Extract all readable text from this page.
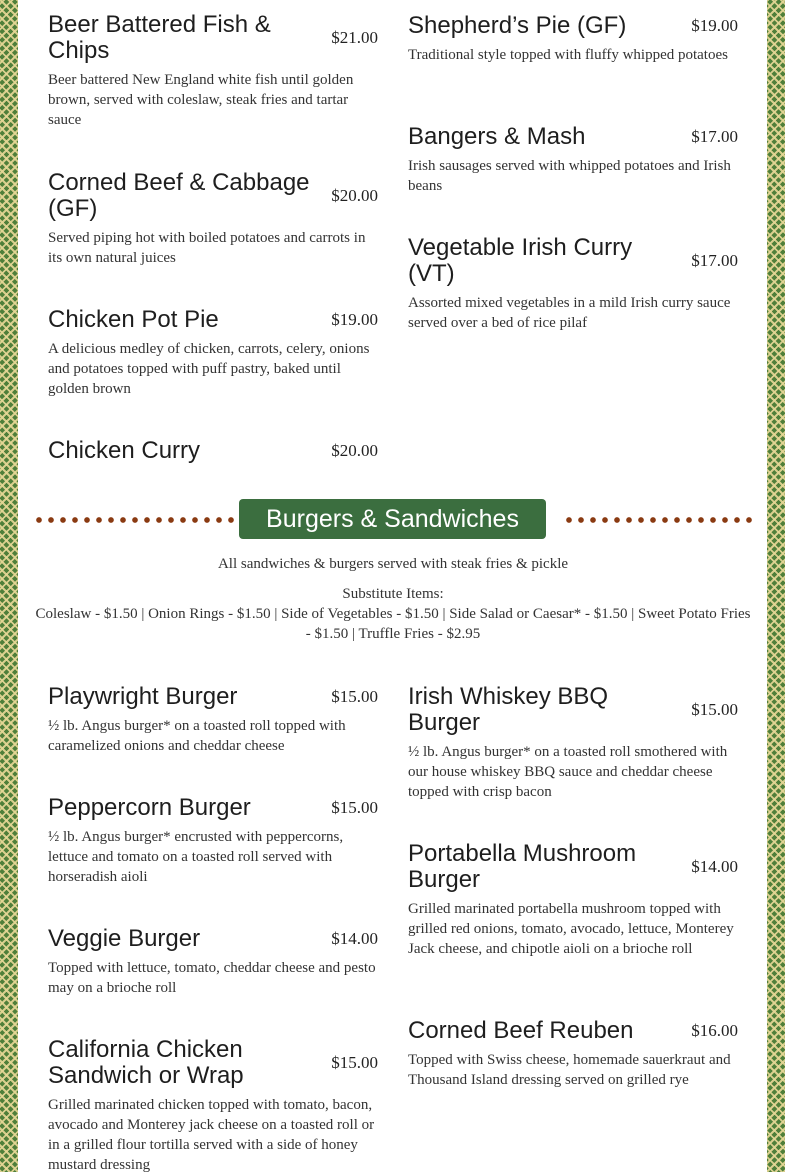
Beer Battered Fish & Chips	$21.00
Beer battered New England white fish until golden brown, served with coleslaw, steak fries and tartar sauce
Corned Beef & Cabbage (GF)	$20.00
Served piping hot with boiled potatoes and carrots in its own natural juices
Chicken Pot Pie	$19.00
A delicious medley of chicken, carrots, celery, onions and potatoes topped with puff pastry, baked until golden brown
Chicken Curry	$20.00
Shepherd’s Pie (GF)	$19.00
Traditional style topped with fluffy whipped potatoes
Bangers & Mash	$17.00
Irish sausages served with whipped potatoes and Irish beans
Vegetable Irish Curry (VT)	$17.00
Assorted mixed vegetables in a mild Irish curry sauce served over a bed of rice pilaf
Burgers & Sandwiches
All sandwiches & burgers served with steak fries & pickle
Substitute Items:
Coleslaw - $1.50 | Onion Rings - $1.50 | Side of Vegetables - $1.50 | Side Salad or Caesar* - $1.50 | Sweet Potato Fries - $1.50 | Truffle Fries - $2.95
Playwright Burger	$15.00
½ lb. Angus burger* on a toasted roll topped with caramelized onions and cheddar cheese
Peppercorn Burger	$15.00
½ lb. Angus burger* encrusted with peppercorns, lettuce and tomato on a toasted roll served with horseradish aioli
Veggie Burger	$14.00
Topped with lettuce, tomato, cheddar cheese and pesto may on a brioche roll
California Chicken Sandwich or Wrap	$15.00
Grilled marinated chicken topped with tomato, bacon, avocado and Monterey jack cheese on a toasted roll or in a grilled flour tortilla served with a side of honey mustard dressing
Irish Whiskey BBQ Burger	$15.00
½ lb. Angus burger* on a toasted roll smothered with our house whiskey BBQ sauce and cheddar cheese topped with crisp bacon
Portabella Mushroom Burger	$14.00
Grilled marinated portabella mushroom topped with grilled red onions, tomato, avocado, lettuce, Monterey Jack cheese, and chipotle aioli on a brioche roll
Corned Beef Reuben	$16.00
Topped with Swiss cheese, homemade sauerkraut and Thousand Island dressing served on grilled rye
